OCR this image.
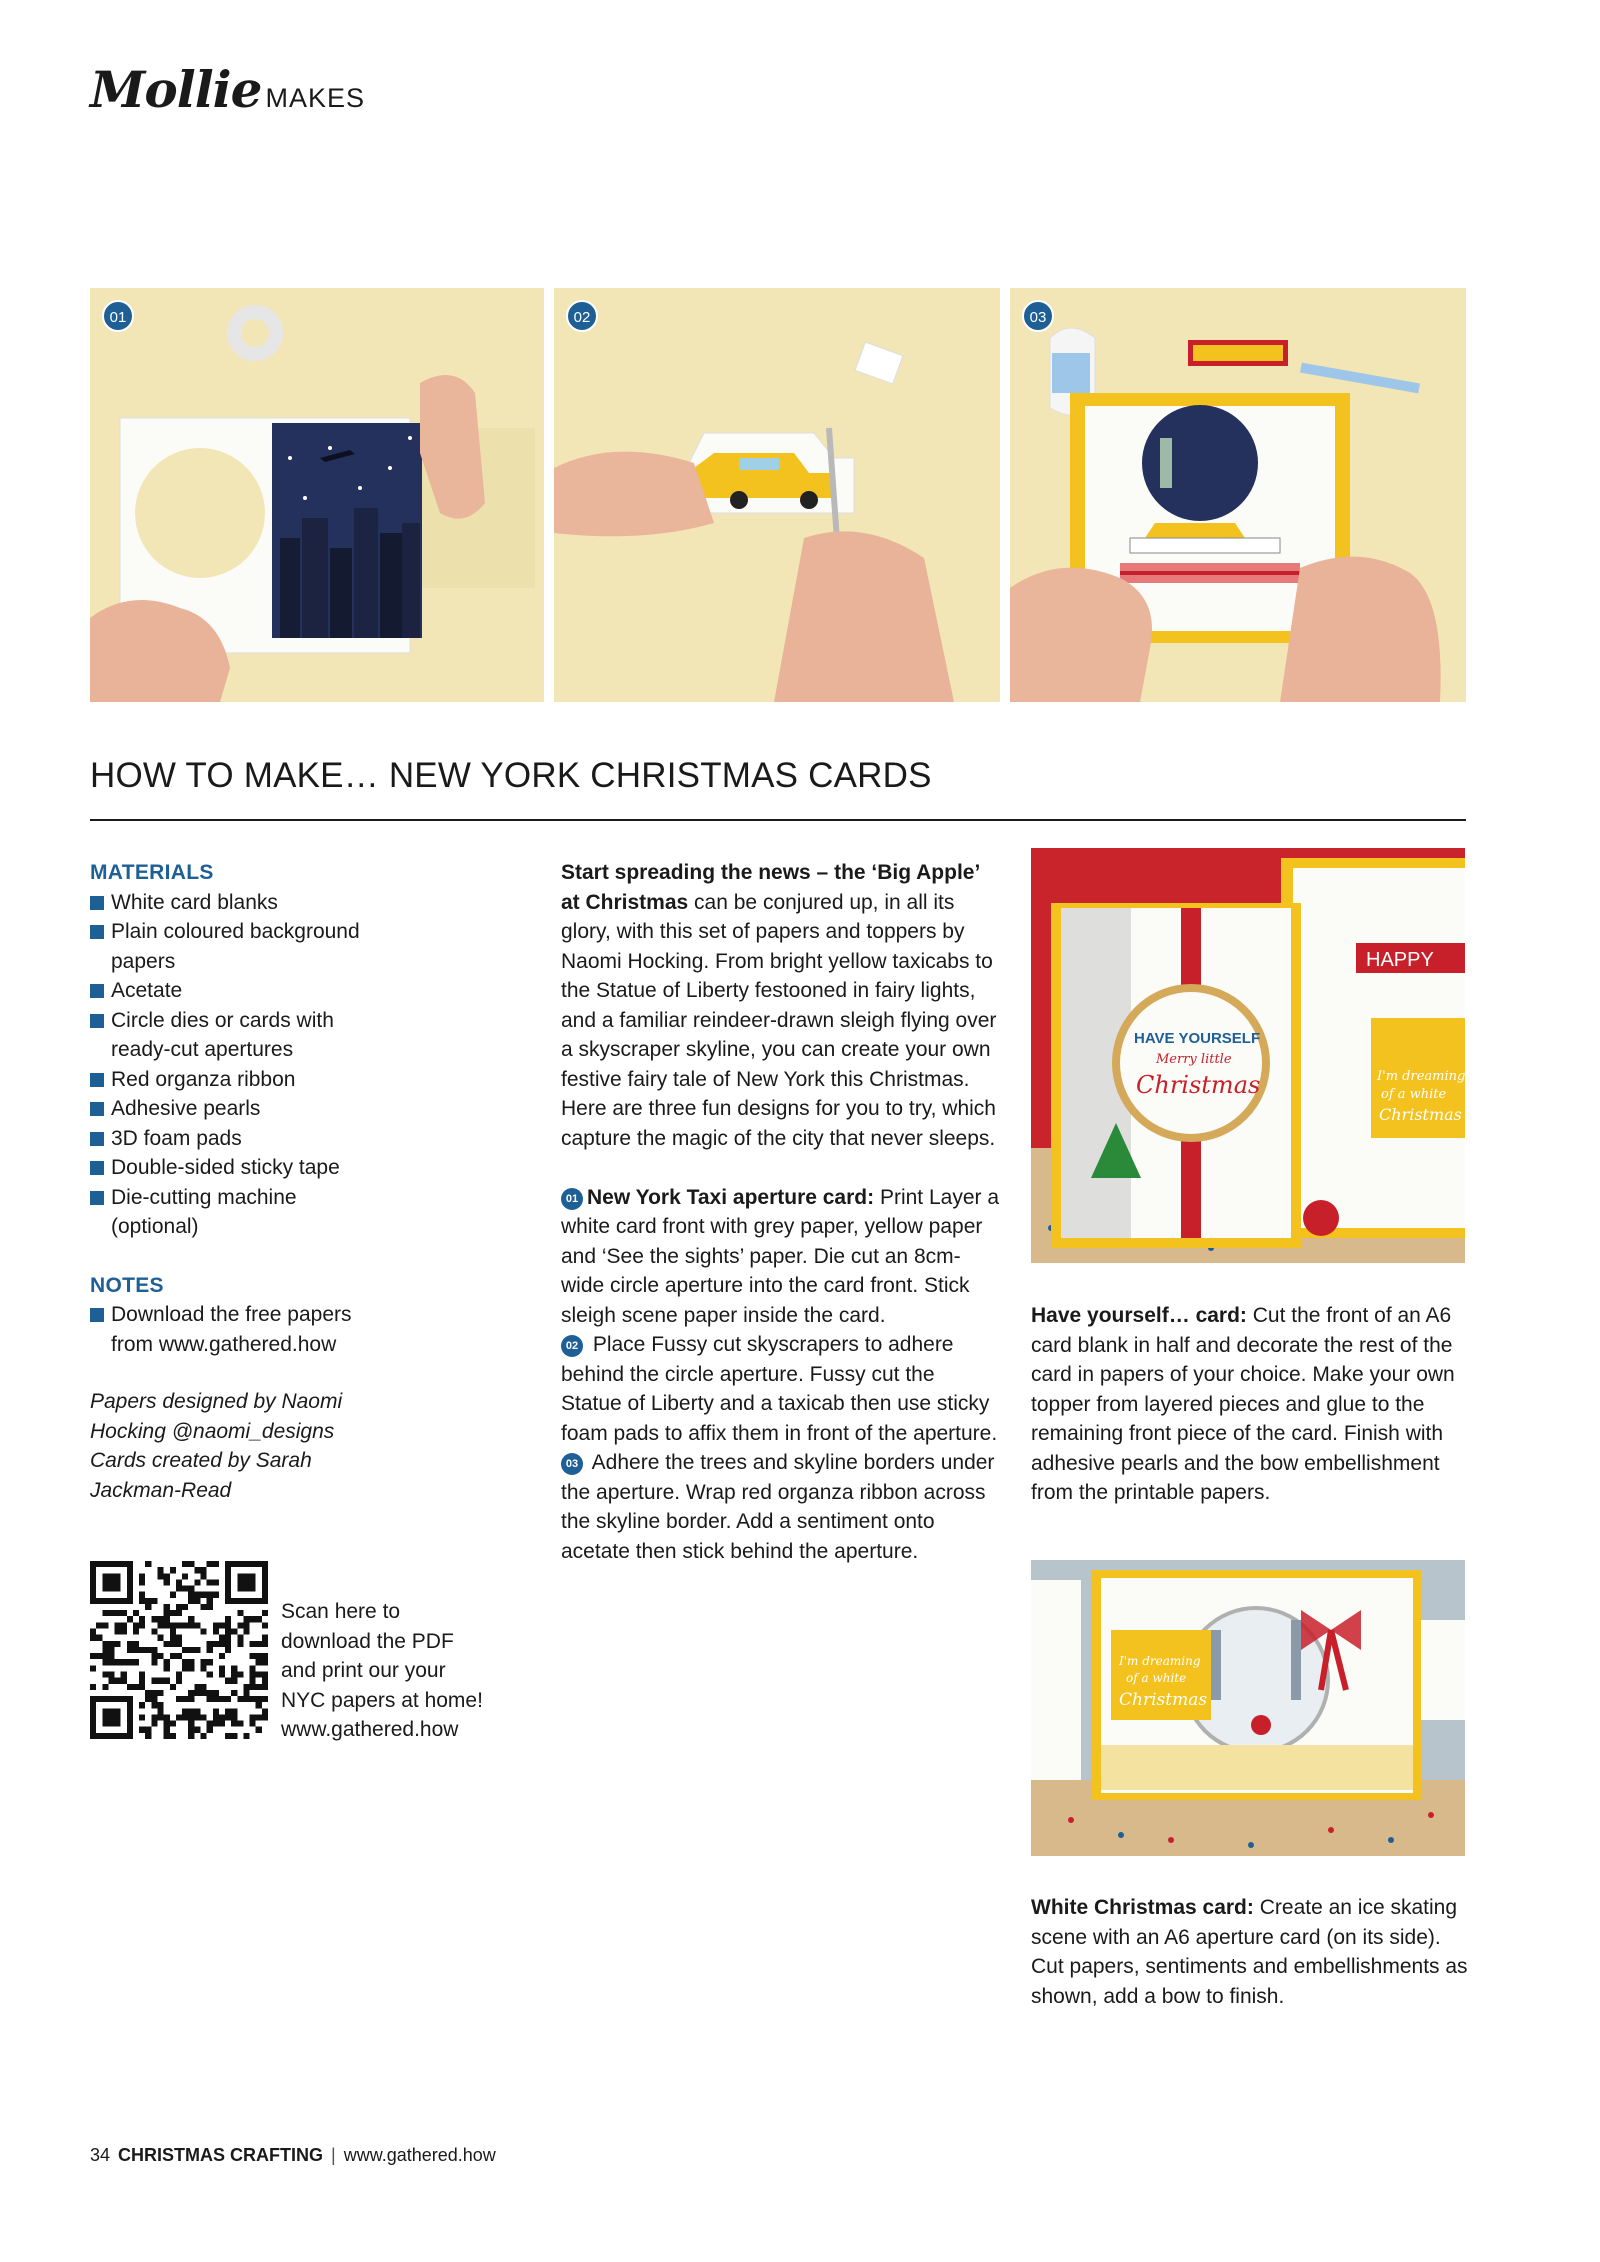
Mollie MAKES
01	02	03
HOW TO MAKE… NEW YORK CHRISTMAS CARDS
MATERIALS
White card blanks
Plain coloured background papers
Acetate
Circle dies or cards with ready-cut apertures
Red organza ribbon
Adhesive pearls
3D foam pads
Double-sided sticky tape
Die-cutting machine (optional)
NOTES
Download the free papers from www.gathered.how

Papers designed by Naomi

Hocking @naomi_designs

Cards created by Sarah

Jackman-Read

Scan here to
download the PDF
and print our your
NYC papers at home!
www.gathered.how

Start spreading the news – the ‘Big Apple’ at Christmas can be conjured up, in all its glory, with this set of papers and toppers by Naomi Hocking. From bright yellow taxicabs to the Statue of Liberty festooned in fairy lights, and a familiar reindeer-drawn sleigh flying over a skyscraper skyline, you can create your own festive fairy tale of New York this Christmas. Here are three fun designs for you to try, which capture the magic of the city that never sleeps.

01 New York Taxi aperture card: Print Layer a white card front with grey paper, yellow paper and ‘See the sights’ paper. Die cut an 8cm-wide circle aperture into the card front. Stick sleigh scene paper inside the card.

02 Place Fussy cut skyscrapers to adhere behind the circle aperture. Fussy cut the Statue of Liberty and a taxicab then use sticky foam pads to affix them in front of the aperture.

03 Adhere the trees and skyline borders under the aperture. Wrap red organza ribbon across the skyline border. Add a sentiment onto acetate then stick behind the aperture.

HAPPY
I'm dreaming
of a white
Christmas
HAVE YOURSELF
Merry little
Christmas
Have yourself… card: Cut the front of an A6 card blank in half and decorate the rest of the card in papers of your choice. Make your own topper from layered pieces and glue to the remaining front piece of the card. Finish with adhesive pearls and the bow embellishment from the printable papers.
I'm dreaming
of a white
Christmas
White Christmas card: Create an ice skating scene with an A6 aperture card (on its side). Cut papers, sentiments and embellishments as shown, add a bow to finish.
34 CHRISTMAS CRAFTING | www.gathered.how
